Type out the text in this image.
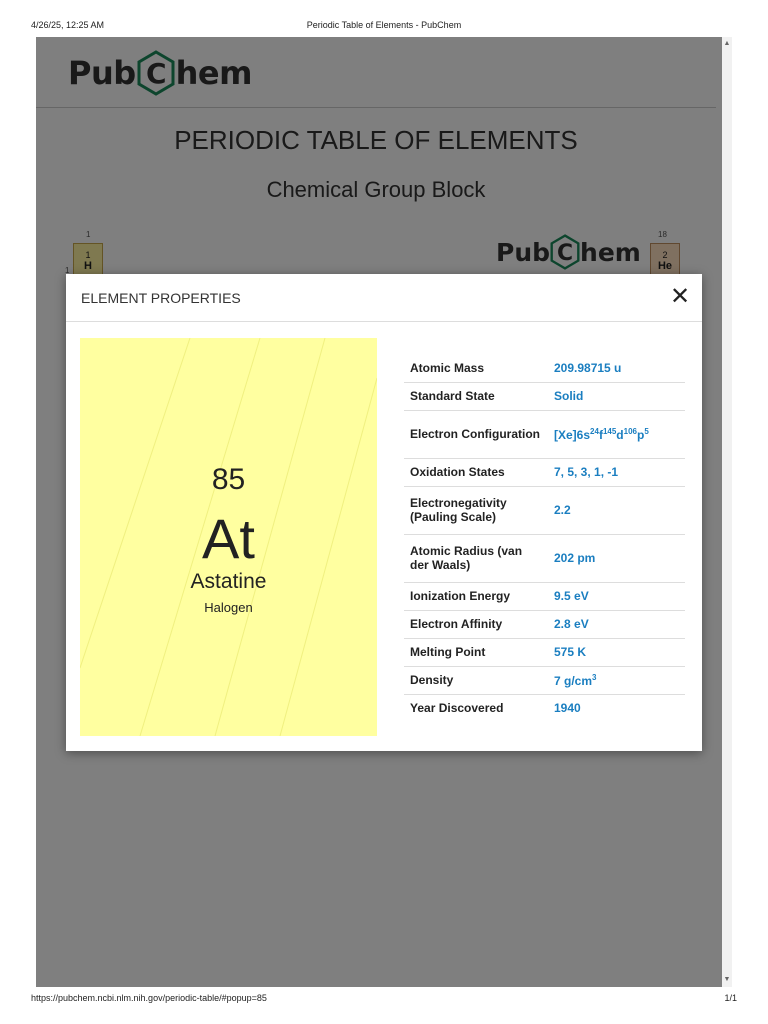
4/26/25, 12:25 AM	Periodic Table of Elements - PubChem
ELEMENT PROPERTIES	✕
85
At
Astatine
Halogen
Atomic Mass	209.98715 u
Standard State	Solid
Electron Configuration	$[Xe]6s^{24}f^{145}d^{106}p^5$
Oxidation States	7, 5, 3, 1, -1
Electronegativity (Pauling Scale)	2.2
Atomic Radius (van der Waals)	202 pm
Ionization Energy	9.5 eV
Electron Affinity	2.8 eV
Melting Point	575 K
Density	7 $g/cm^3$
Year Discovered	1940
▲
▼
https://pubchem.ncbi.nlm.nih.gov/periodic-table/#popup=85	1/1
